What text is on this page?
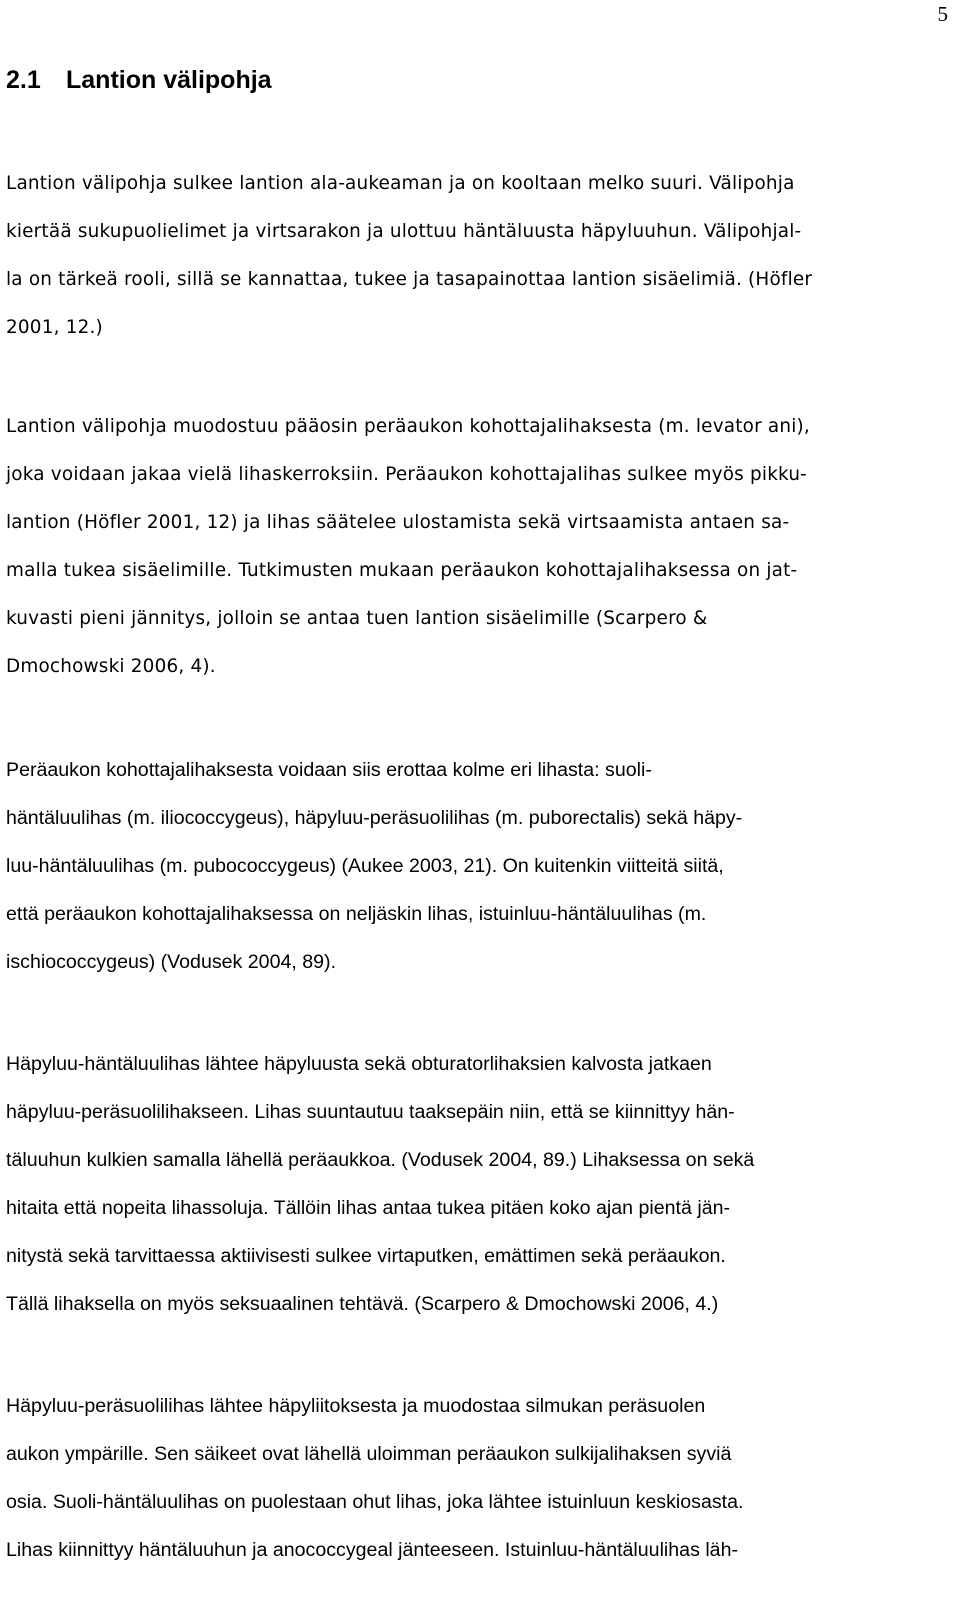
5
2.1 Lantion välipohja

Lantion välipohja sulkee lantion ala-aukeaman ja on kooltaan melko suuri. Välipohja
kiertää sukupuolielimet ja virtsarakon ja ulottuu häntäluusta häpyluuhun. Välipohjal-
la on tärkeä rooli, sillä se kannattaa, tukee ja tasapainottaa lantion sisäelimiä. (Höfler
2001, 12.)

Lantion välipohja muodostuu pääosin peräaukon kohottajalihaksesta (m. levator ani),
joka voidaan jakaa vielä lihaskerroksiin. Peräaukon kohottajalihas sulkee myös pikku-
lantion (Höfler 2001, 12) ja lihas säätelee ulostamista sekä virtsaamista antaen sa-
malla tukea sisäelimille. Tutkimusten mukaan peräaukon kohottajalihaksessa on jat-
kuvasti pieni jännitys, jolloin se antaa tuen lantion sisäelimille (Scarpero &
Dmochowski 2006, 4).

Peräaukon kohottajalihaksesta voidaan siis erottaa kolme eri lihasta: suoli-
häntäluulihas (m. iliococcygeus), häpyluu-peräsuolilihas (m. puborectalis) sekä häpy-
luu-häntäluulihas (m. pubococcygeus) (Aukee 2003, 21). On kuitenkin viitteitä siitä,
että peräaukon kohottajalihaksessa on neljäskin lihas, istuinluu-häntäluulihas (m.
ischiococcygeus) (Vodusek 2004, 89).

Häpyluu-häntäluulihas lähtee häpyluusta sekä obturatorlihaksien kalvosta jatkaen
häpyluu-peräsuolilihakseen. Lihas suuntautuu taaksepäin niin, että se kiinnittyy hän-
täluuhun kulkien samalla lähellä peräaukkoa. (Vodusek 2004, 89.) Lihaksessa on sekä
hitaita että nopeita lihassoluja. Tällöin lihas antaa tukea pitäen koko ajan pientä jän-
nitystä sekä tarvittaessa aktiivisesti sulkee virtaputken, emättimen sekä peräaukon.
Tällä lihaksella on myös seksuaalinen tehtävä. (Scarpero & Dmochowski 2006, 4.)

Häpyluu-peräsuolilihas lähtee häpyliitoksesta ja muodostaa silmukan peräsuolen
aukon ympärille. Sen säikeet ovat lähellä uloimman peräaukon sulkijalihaksen syviä
osia. Suoli-häntäluulihas on puolestaan ohut lihas, joka lähtee istuinluun keskiosasta.
Lihas kiinnittyy häntäluuhun ja anococcygeal jänteeseen. Istuinluu-häntäluulihas läh-
